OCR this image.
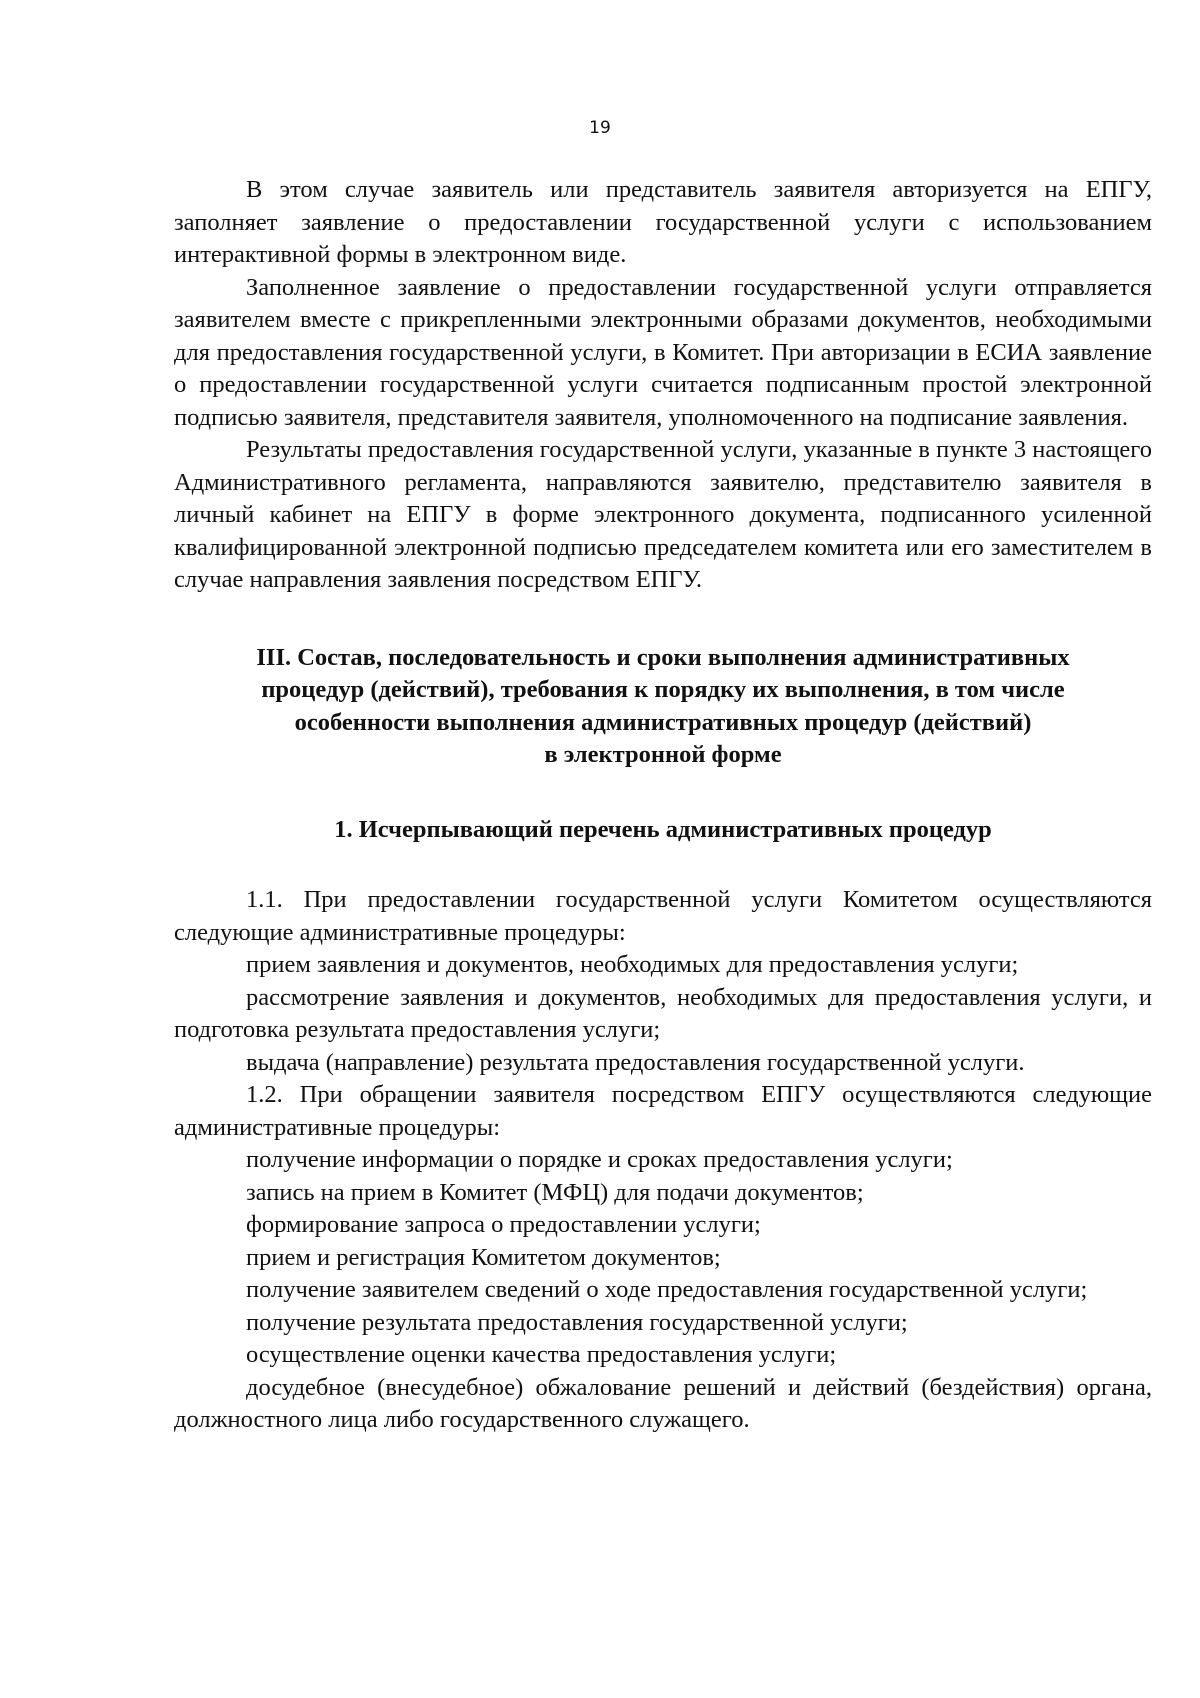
19

В этом случае заявитель или представитель заявителя авторизуется на ЕПГУ, заполняет заявление о предоставлении государственной услуги с использованием интерактивной формы в электронном виде.

Заполненное заявление о предоставлении государственной услуги отправляется заявителем вместе с прикрепленными электронными образами документов, необходимыми для предоставления государственной услуги, в Комитет. При авторизации в ЕСИА заявление о предоставлении государственной услуги считается подписанным простой электронной подписью заявителя, представителя заявителя, уполномоченного на подписание заявления.

Результаты предоставления государственной услуги, указанные в пункте 3 настоящего Административного регламента, направляются заявителю, представителю заявителя в личный кабинет на ЕПГУ в форме электронного документа, подписанного усиленной квалифицированной электронной подписью председателем комитета или его заместителем в случае направления заявления посредством ЕПГУ.

III. Состав, последовательность и сроки выполнения административных
процедур (действий), требования к порядку их выполнения, в том числе
особенности выполнения административных процедур (действий)
в электронной форме
1. Исчерпывающий перечень административных процедур

1.1. При предоставлении государственной услуги Комитетом осуществляются следующие административные процедуры:

прием заявления и документов, необходимых для предоставления услуги;

рассмотрение заявления и документов, необходимых для предоставления услуги, и подготовка результата предоставления услуги;

выдача (направление) результата предоставления государственной услуги.

1.2. При обращении заявителя посредством ЕПГУ осуществляются следующие административные процедуры:

получение информации о порядке и сроках предоставления услуги;

запись на прием в Комитет (МФЦ) для подачи документов;

формирование запроса о предоставлении услуги;

прием и регистрация Комитетом документов;

получение заявителем сведений о ходе предоставления государственной услуги;

получение результата предоставления государственной услуги;

осуществление оценки качества предоставления услуги;

досудебное (внесудебное) обжалование решений и действий (бездействия) органа, должностного лица либо государственного служащего.
